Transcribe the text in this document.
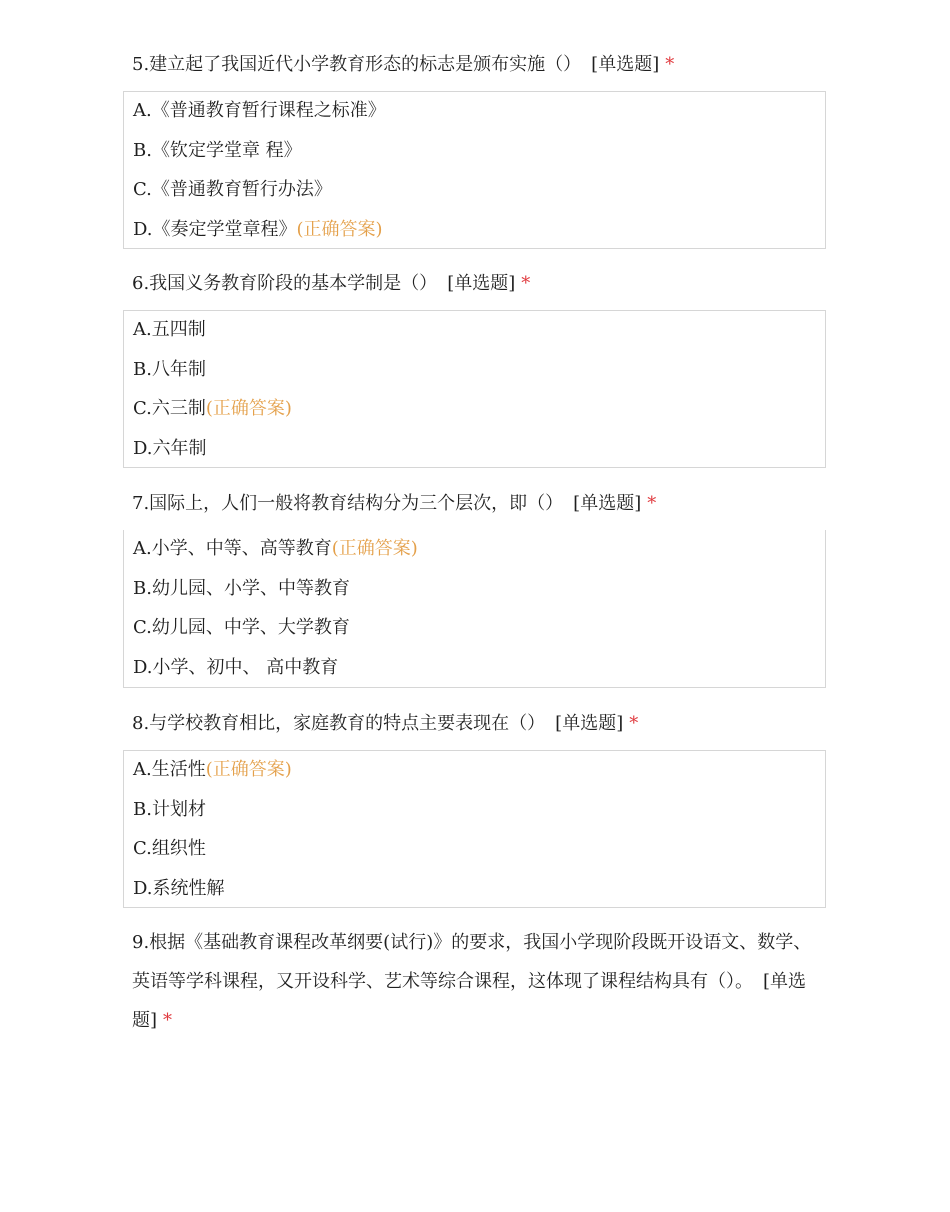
5.建立起了我国近代小学教育形态的标志是颁布实施（） [单选题] *
A.《普通教育暂行课程之标准》
B.《钦定学堂章 程》
C.《普通教育暂行办法》
D.《奏定学堂章程》(正确答案)
6.我国义务教育阶段的基本学制是（） [单选题] *
A.五四制
B.八年制
C.六三制(正确答案)
D.六年制
7.国际上，人们一般将教育结构分为三个层次，即（） [单选题] *
A.小学、中等、高等教育(正确答案)
B.幼儿园、小学、中等教育
C.幼儿园、中学、大学教育
D.小学、初中、 高中教育
8.与学校教育相比，家庭教育的特点主要表现在（） [单选题] *
A.生活性(正确答案)
B.计划材
C.组织性
D.系统性解
9.根据《基础教育课程改革纲要(试行)》的要求，我国小学现阶段既开设语文、数学、英语等学科课程，又开设科学、艺术等综合课程，这体现了课程结构具有（）。 [单选题] *
